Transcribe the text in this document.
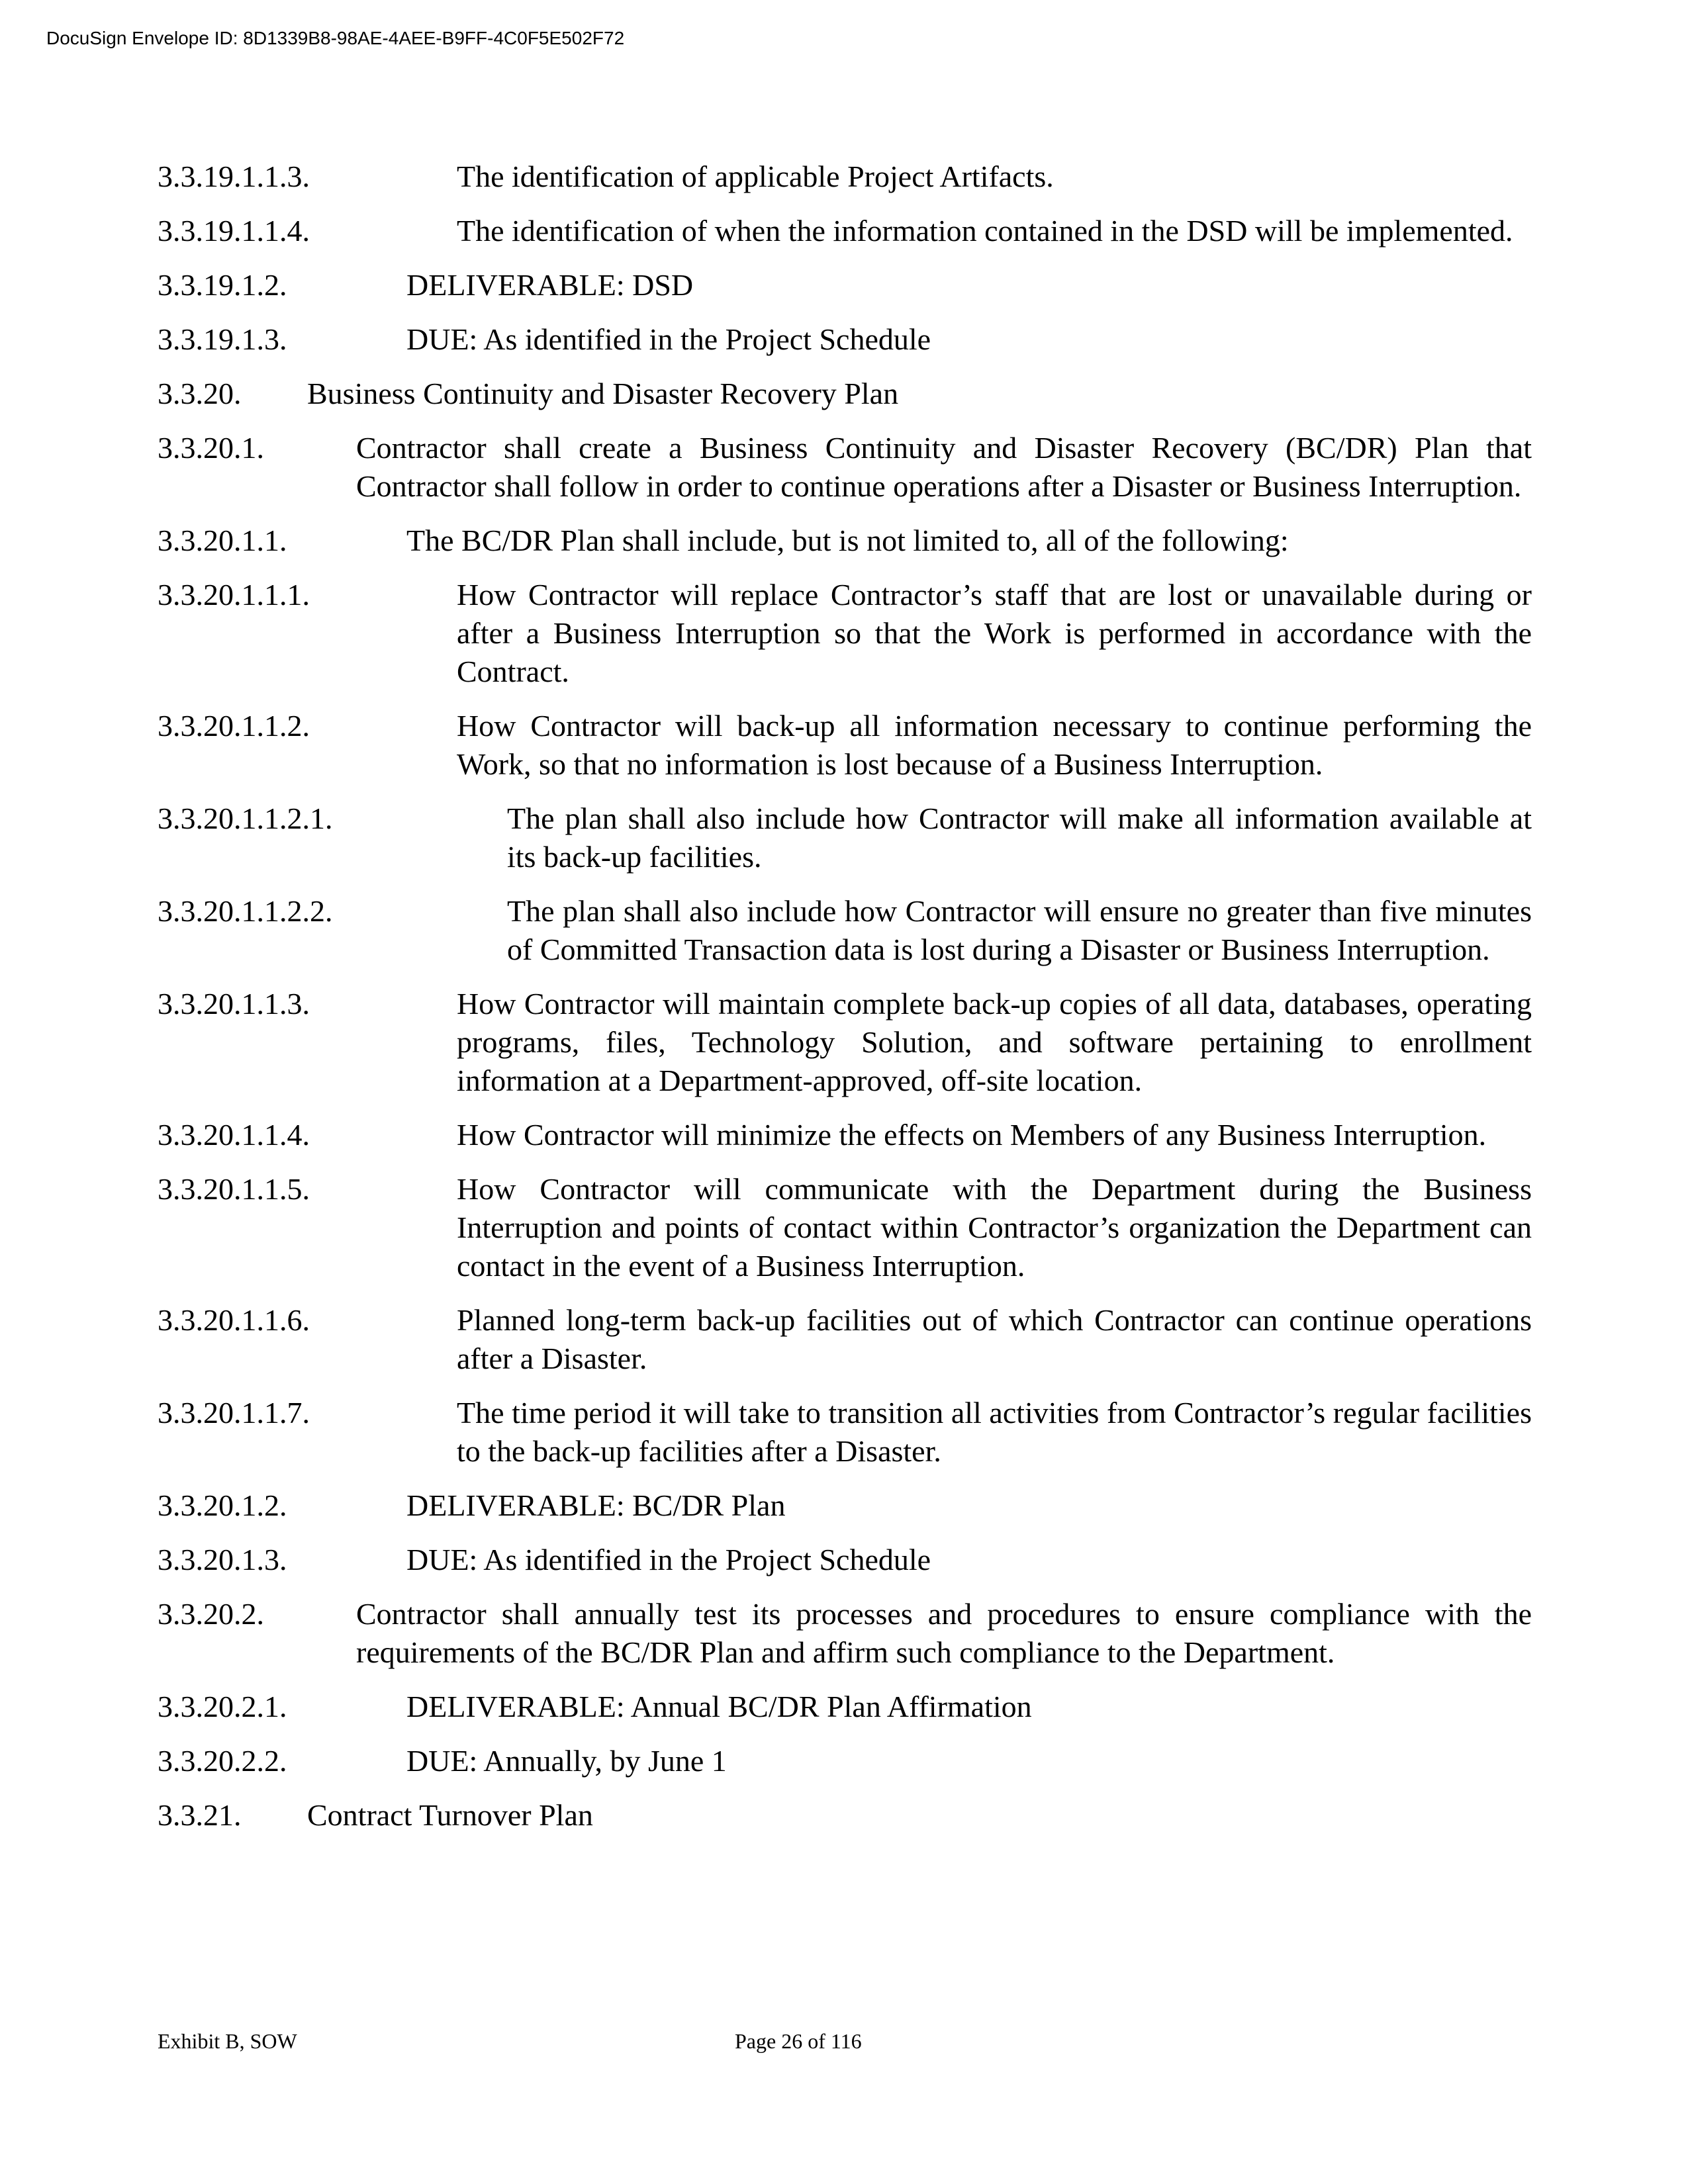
DocuSign Envelope ID: 8D1339B8-98AE-4AEE-B9FF-4C0F5E502F72
3.3.19.1.1.3.	The identification of applicable Project Artifacts.
3.3.19.1.1.4.	The identification of when the information contained in the DSD will be implemented.
3.3.19.1.2.	DELIVERABLE: DSD
3.3.19.1.3.	DUE: As identified in the Project Schedule
3.3.20. Business Continuity and Disaster Recovery Plan
3.3.20.1.	Contractor shall create a Business Continuity and Disaster Recovery (BC/DR) Plan that Contractor shall follow in order to continue operations after a Disaster or Business Interruption.
3.3.20.1.1.	The BC/DR Plan shall include, but is not limited to, all of the following:
3.3.20.1.1.1.	How Contractor will replace Contractor’s staff that are lost or unavailable during or after a Business Interruption so that the Work is performed in accordance with the Contract.
3.3.20.1.1.2.	How Contractor will back-up all information necessary to continue performing the Work, so that no information is lost because of a Business Interruption.
3.3.20.1.1.2.1.	The plan shall also include how Contractor will make all information available at its back-up facilities.
3.3.20.1.1.2.2.	The plan shall also include how Contractor will ensure no greater than five minutes of Committed Transaction data is lost during a Disaster or Business Interruption.
3.3.20.1.1.3.	How Contractor will maintain complete back-up copies of all data, databases, operating programs, files, Technology Solution, and software pertaining to enrollment information at a Department-approved, off-site location.
3.3.20.1.1.4.	How Contractor will minimize the effects on Members of any Business Interruption.
3.3.20.1.1.5.	How Contractor will communicate with the Department during the Business Interruption and points of contact within Contractor’s organization the Department can contact in the event of a Business Interruption.
3.3.20.1.1.6.	Planned long-term back-up facilities out of which Contractor can continue operations after a Disaster.
3.3.20.1.1.7.	The time period it will take to transition all activities from Contractor’s regular facilities to the back-up facilities after a Disaster.
3.3.20.1.2.	DELIVERABLE: BC/DR Plan
3.3.20.1.3.	DUE: As identified in the Project Schedule
3.3.20.2.	Contractor shall annually test its processes and procedures to ensure compliance with the requirements of the BC/DR Plan and affirm such compliance to the Department.
3.3.20.2.1.	DELIVERABLE: Annual BC/DR Plan Affirmation
3.3.20.2.2.	DUE: Annually, by June 1
3.3.21. Contract Turnover Plan
Exhibit B, SOW	Page 26 of 116
